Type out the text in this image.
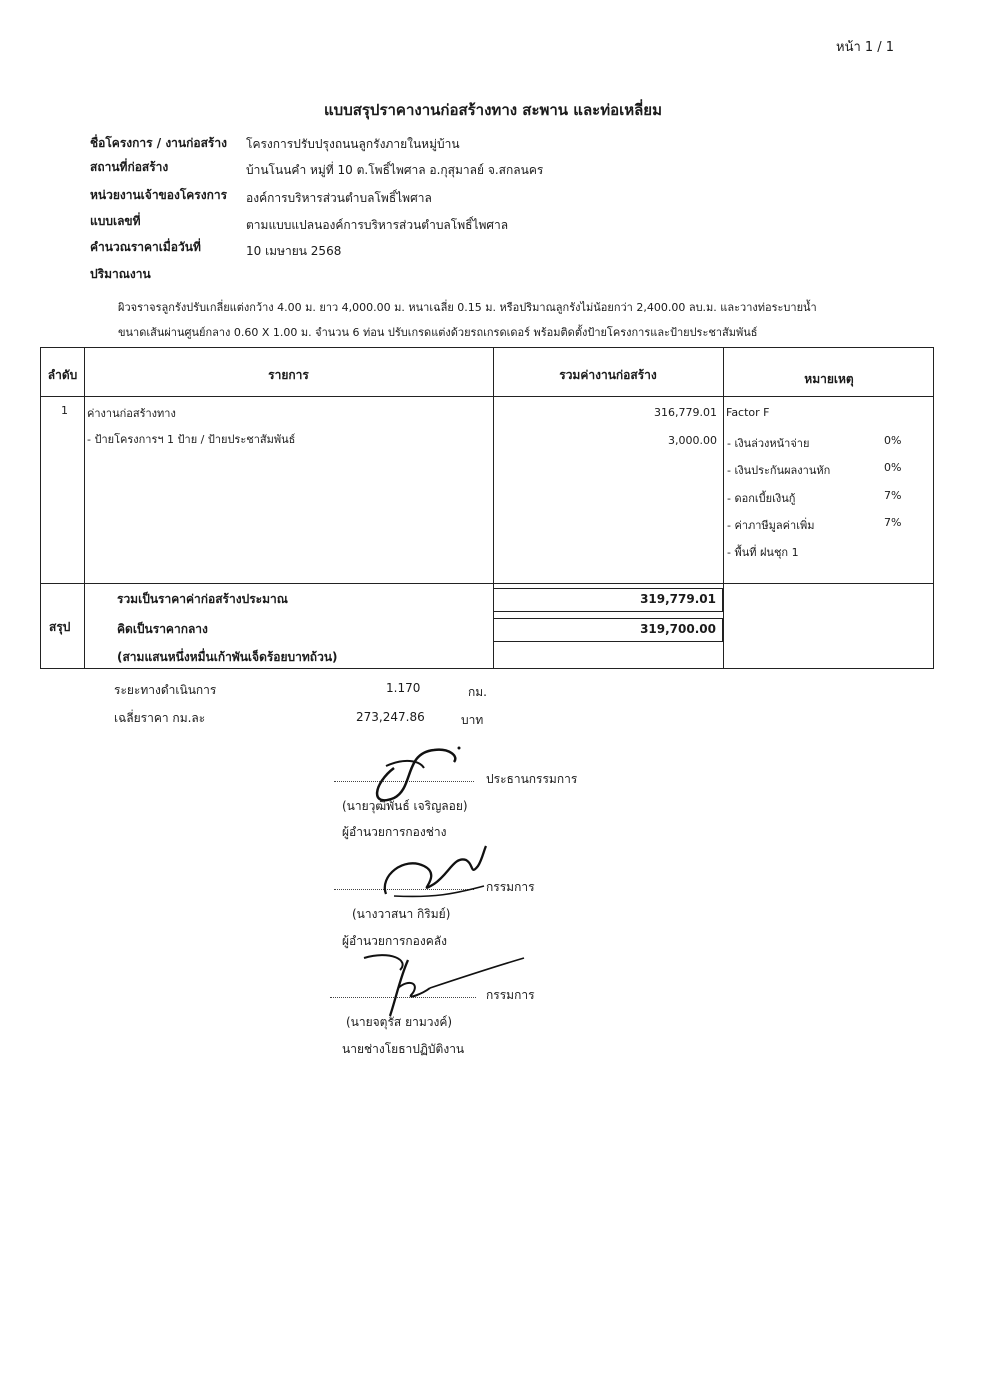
หน้า 1 / 1
แบบสรุปราคางานก่อสร้างทาง สะพาน และท่อเหลี่ยม
ชื่อโครงการ / งานก่อสร้าง โครงการปรับปรุงถนนลูกรังภายในหมู่บ้าน
สถานที่ก่อสร้าง	บ้านโนนคำ หมู่ที่ 10 ต.โพธิ์ไพศาล อ.กุสุมาลย์ จ.สกลนคร
หน่วยงานเจ้าของโครงการ องค์การบริหารส่วนตำบลโพธิ์ไพศาล
แบบเลขที่	ตามแบบแปลนองค์การบริหารส่วนตำบลโพธิ์ไพศาล
คำนวณราคาเมื่อวันที่	10 เมษายน 2568
ปริมาณงาน
ผิวจราจรลูกรังปรับเกลี่ยแต่งกว้าง 4.00 ม. ยาว 4,000.00 ม. หนาเฉลี่ย 0.15 ม. หรือปริมาณลูกรังไม่น้อยกว่า 2,400.00 ลบ.ม. และวางท่อระบายน้ำ
ขนาดเส้นผ่านศูนย์กลาง 0.60 X 1.00 ม. จำนวน 6 ท่อน ปรับเกรดแต่งด้วยรถเกรดเดอร์ พร้อมติดตั้งป้ายโครงการและป้ายประชาสัมพันธ์
ลำดับ	รายการ	รวมค่างานก่อสร้าง	หมายเหตุ
1 ค่างานก่อสร้างทาง	316,779.01
- ป้ายโครงการฯ 1 ป้าย / ป้ายประชาสัมพันธ์	3,000.00
Factor F
- เงินล่วงหน้าจ่าย	0%
- เงินประกันผลงานหัก	0%
- ดอกเบี้ยเงินกู้	7%
- ค่าภาษีมูลค่าเพิ่ม	7%
- พื้นที่ ฝนชุก 1
สรุป
รวมเป็นราคาค่าก่อสร้างประมาณ	319,779.01
คิดเป็นราคากลาง	319,700.00
(สามแสนหนึ่งหมื่นเก้าพันเจ็ดร้อยบาทถ้วน)
ระยะทางดำเนินการ	1.170	กม.
เฉลี่ยราคา กม.ละ	273,247.86	บาท
ประธานกรรมการ
(นายวุฒิพันธ์ เจริญลอย)
ผู้อำนวยการกองช่าง
กรรมการ
(นางวาสนา กิริมย์)
ผู้อำนวยการกองคลัง
กรรมการ
(นายจตุรัส ยามวงค์)
นายช่างโยธาปฏิบัติงาน
